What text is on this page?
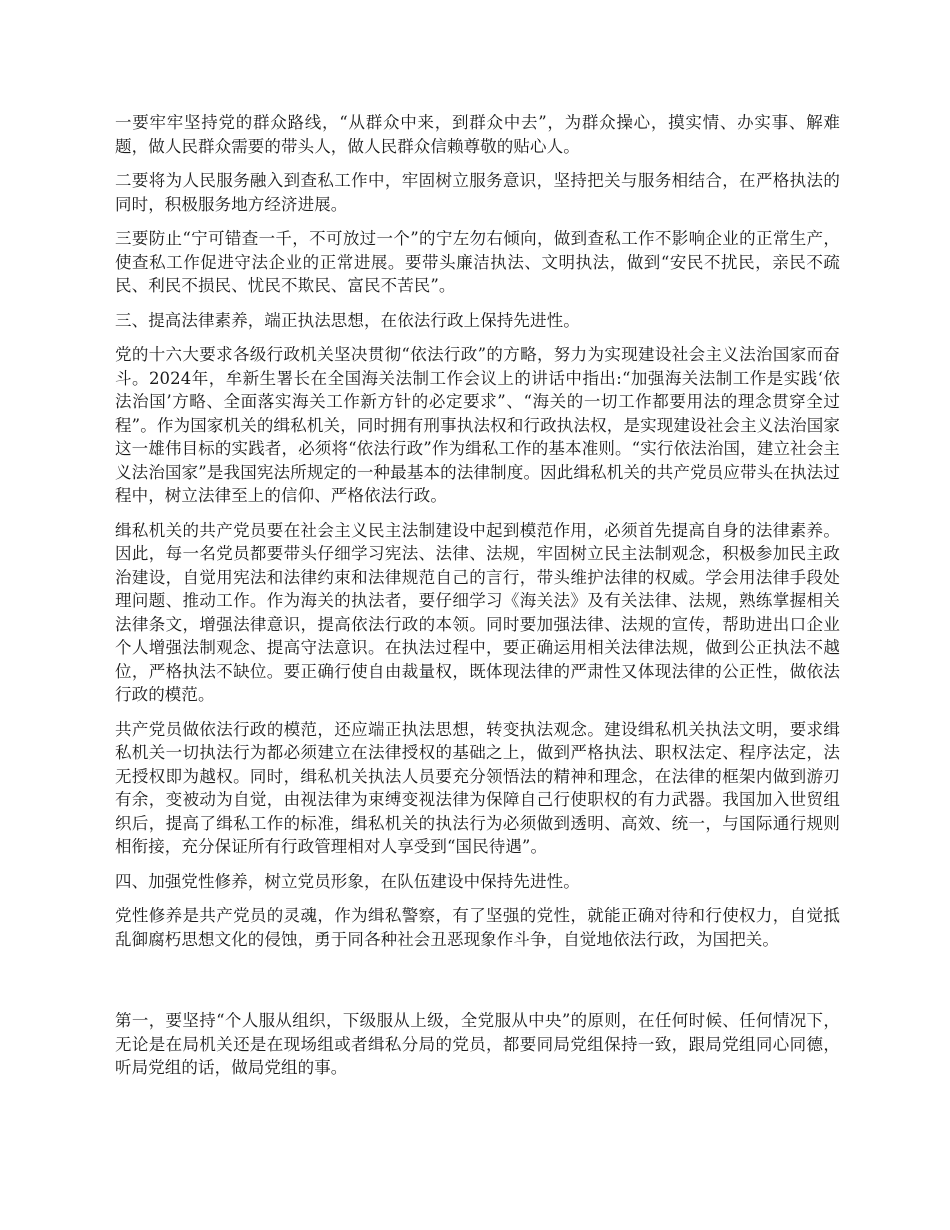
一要牢牢坚持党的群众路线，“从群众中来，到群众中去”，为群众操心，摸实情、办实事、解难题，做人民群众需要的带头人，做人民群众信赖尊敬的贴心人。

二要将为人民服务融入到查私工作中，牢固树立服务意识，坚持把关与服务相结合，在严格执法的同时，积极服务地方经济进展。

三要防止“宁可错查一千，不可放过一个”的宁左勿右倾向，做到查私工作不影响企业的正常生产，使查私工作促进守法企业的正常进展。要带头廉洁执法、文明执法，做到“安民不扰民，亲民不疏民、利民不损民、忧民不欺民、富民不苦民”。

三、提高法律素养，端正执法思想，在依法行政上保持先进性。

党的十六大要求各级行政机关坚决贯彻“依法行政”的方略，努力为实现建设社会主义法治国家而奋斗。2024年，牟新生署长在全国海关法制工作会议上的讲话中指出:“加强海关法制工作是实践‘依法治国’方略、全面落实海关工作新方针的必定要求”、“海关的一切工作都要用法的理念贯穿全过程”。作为国家机关的缉私机关，同时拥有刑事执法权和行政执法权，是实现建设社会主义法治国家这一雄伟目标的实践者，必须将“依法行政”作为缉私工作的基本准则。“实行依法治国，建立社会主义法治国家”是我国宪法所规定的一种最基本的法律制度。因此缉私机关的共产党员应带头在执法过程中，树立法律至上的信仰、严格依法行政。

缉私机关的共产党员要在社会主义民主法制建设中起到模范作用，必须首先提高自身的法律素养。因此，每一名党员都要带头仔细学习宪法、法律、法规，牢固树立民主法制观念，积极参加民主政治建设，自觉用宪法和法律约束和法律规范自己的言行，带头维护法律的权威。学会用法律手段处理问题、推动工作。作为海关的执法者，要仔细学习《海关法》及有关法律、法规，熟练掌握相关法律条文，增强法律意识，提高依法行政的本领。同时要加强法律、法规的宣传，帮助进出口企业个人增强法制观念、提高守法意识。在执法过程中，要正确运用相关法律法规，做到公正执法不越位，严格执法不缺位。要正确行使自由裁量权，既体现法律的严肃性又体现法律的公正性，做依法行政的模范。

共产党员做依法行政的模范，还应端正执法思想，转变执法观念。建设缉私机关执法文明，要求缉私机关一切执法行为都必须建立在法律授权的基础之上，做到严格执法、职权法定、程序法定，法无授权即为越权。同时，缉私机关执法人员要充分领悟法的精神和理念，在法律的框架内做到游刃有余，变被动为自觉，由视法律为束缚变视法律为保障自己行使职权的有力武器。我国加入世贸组织后，提高了缉私工作的标准，缉私机关的执法行为必须做到透明、高效、统一，与国际通行规则相衔接，充分保证所有行政管理相对人享受到“国民待遇”。

四、加强党性修养，树立党员形象，在队伍建设中保持先进性。

党性修养是共产党员的灵魂，作为缉私警察，有了坚强的党性，就能正确对待和行使权力，自觉抵乱御腐朽思想文化的侵蚀，勇于同各种社会丑恶现象作斗争，自觉地依法行政，为国把关。

第一，要坚持“个人服从组织，下级服从上级，全党服从中央”的原则，在任何时候、任何情况下，无论是在局机关还是在现场组或者缉私分局的党员，都要同局党组保持一致，跟局党组同心同德，听局党组的话，做局党组的事。
